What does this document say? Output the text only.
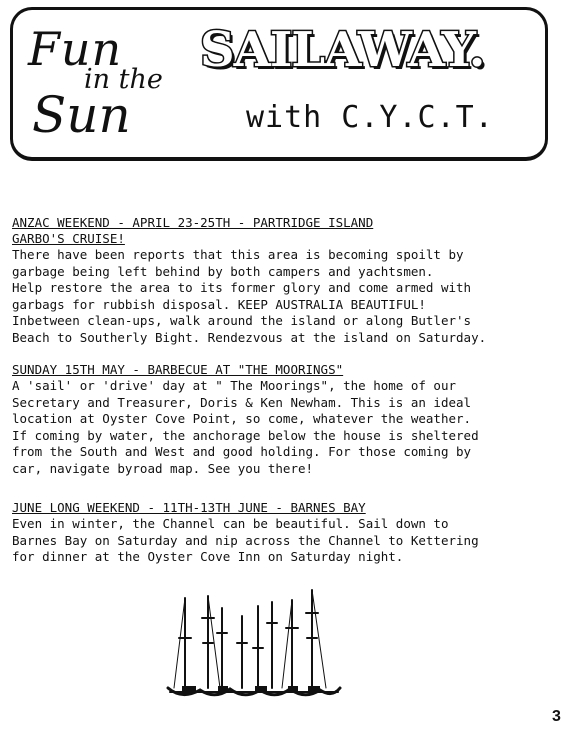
Fun
in the
Sun
SAILAWAY.
with C.Y.C.T.
ANZAC WEEKEND - APRIL 23-25TH - PARTRIDGE ISLAND
GARBO'S CRUISE!
There have been reports that this area is becoming spoilt by
garbage being left behind by both campers and yachtsmen.
Help restore the area to its former glory and come armed with
garbags for rubbish disposal. KEEP AUSTRALIA BEAUTIFUL!
Inbetween clean-ups, walk around the island or along Butler's
Beach to Southerly Bight. Rendezvous at the island on Saturday.
SUNDAY 15TH MAY - BARBECUE AT "THE MOORINGS"
A 'sail' or 'drive' day at " The Moorings", the home of our
Secretary and Treasurer, Doris & Ken Newham. This is an ideal
location at Oyster Cove Point, so come, whatever the weather.
If coming by water, the anchorage below the house is sheltered
from the South and West and good holding. For those coming by
car, navigate byroad map. See you there!
JUNE LONG WEEKEND - 11TH-13TH JUNE - BARNES BAY
Even in winter, the Channel can be beautiful. Sail down to
Barnes Bay on Saturday and nip across the Channel to Kettering
for dinner at the Oyster Cove Inn on Saturday night.
3
